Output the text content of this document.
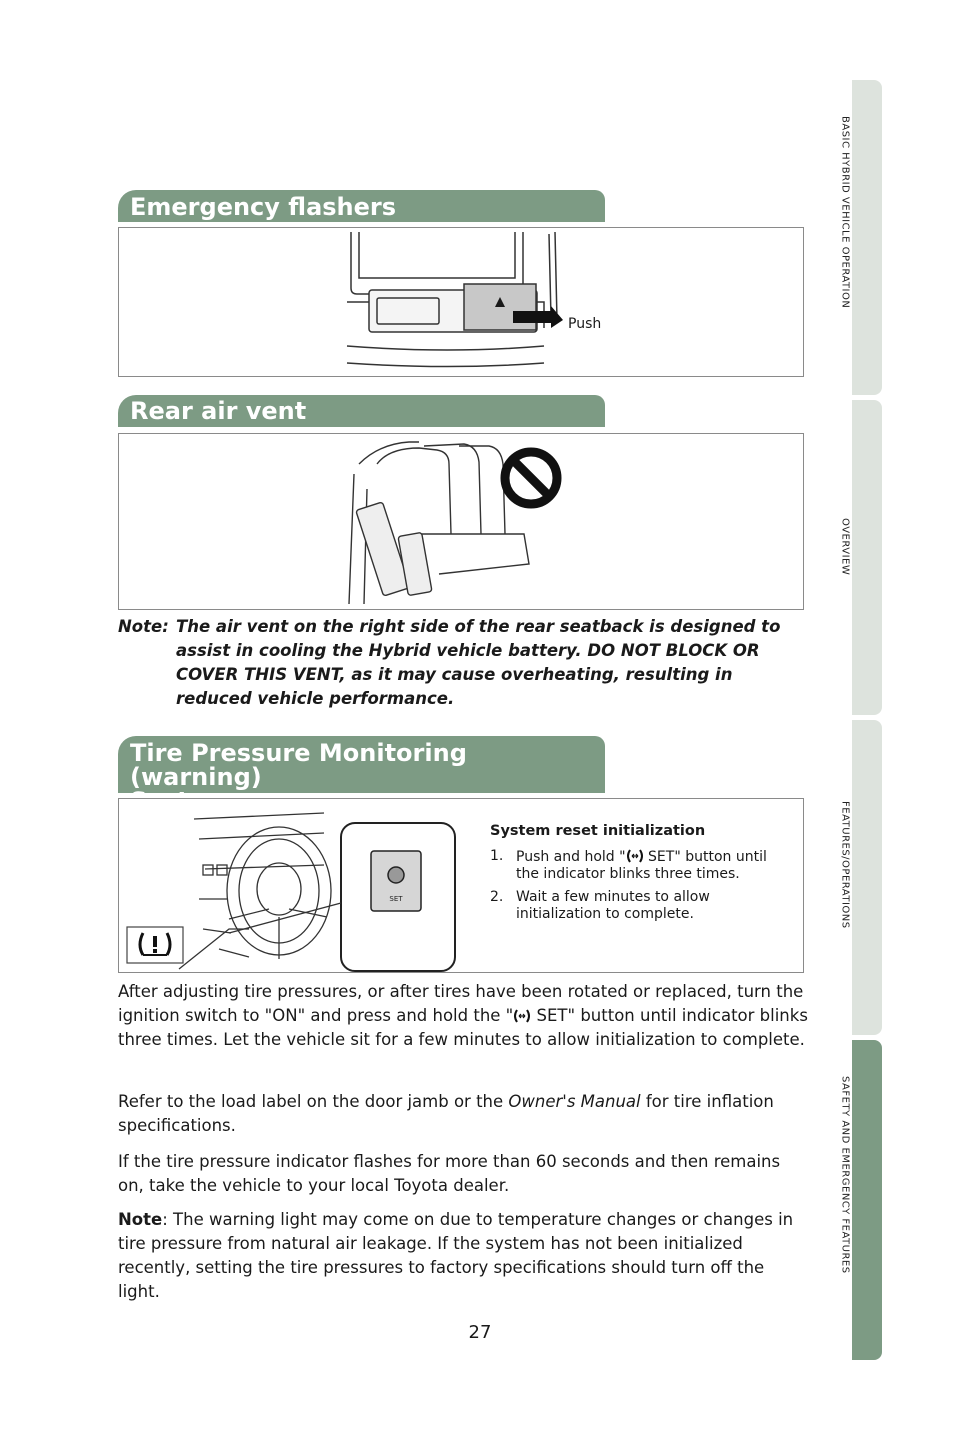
BASIC HYBRID VEHICLE OPERATION
OVERVIEW
FEATURES/OPERATIONS
SAFETY AND EMERGENCY FEATURES
Emergency flashers
Push
Rear air vent
Note: The air vent on the right side of the rear seatback is designed to assist in cooling the Hybrid vehicle battery. DO NOT BLOCK OR COVER THIS VENT, as it may cause overheating, resulting in reduced vehicle performance.
Tire Pressure Monitoring (warning)
SET
System reset initialization
1. Push and hold " SET" button until the indicator blinks three times.
2. Wait a few minutes to allow initialization to complete.
After adjusting tire pressures, or after tires have been rotated or replaced, turn the ignition switch to "ON" and press and hold the " SET" button until indicator blinks three times. Let the vehicle sit for a few minutes to allow initialization to complete.
Refer to the load label on the door jamb or the Owner's Manual for tire inflation specifications.
If the tire pressure indicator flashes for more than 60 seconds and then remains on, take the vehicle to your local Toyota dealer.
Note: The warning light may come on due to temperature changes or changes in tire pressure from natural air leakage. If the system has not been initialized recently, setting the tire pressures to factory specifications should turn off the light.
27
